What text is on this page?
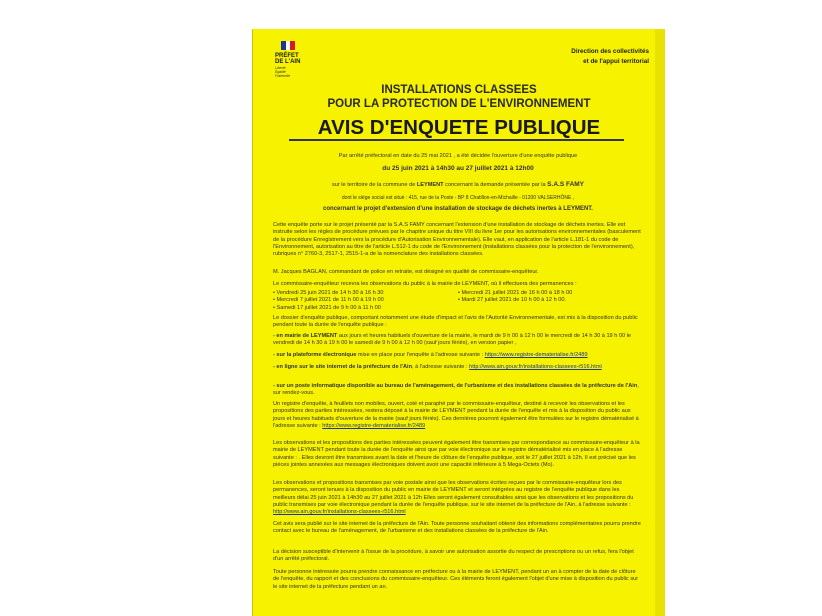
PRÉFET
DE L'AIN
Liberté
Égalité
Fraternité
Direction des collectivités
et de l'appui territorial
INSTALLATIONS CLASSEES
POUR LA PROTECTION DE L'ENVIRONNEMENT
AVIS D'ENQUETE PUBLIQUE
Par arrêté préfectoral en date du 25 mai 2021 , a été décidée l'ouverture d'une enquête publique
du 25 juin 2021 à 14h30 au 27 juillet 2021 à 12h00
sur le territoire de la commune de LEYMENT concernant la demande présentée par la S.A.S FAMY
dont le siège social est situé : 415, rue de la Poste - BP 8 Chatillon-en-Michaille - 01200 VALSERHÔNE ,
concernant le projet d'extension d'une installation de stockage de déchets inertes à LEYMENT.
Cette enquête porte sur le projet présenté par la S.A.S FAMY concernant l'extension d'une installation de stockage de déchets inertes. Elle est instruite selon les règles de procédure prévues par le chapitre unique du titre VIII du livre 1er pour les autorisations environnementales (basculement de la procédure Enregistrement vers la procédure d'Autorisation Environnementale). Elle vaut, en application de l'article L.181-1 du code de l'Environnement, autorisation au titre de l'article L.512-1 du code de l'Environnement (installations classées pour la protection de l'environnement), rubriques n° 2760-3, 2517-1, 2515-1-a de la nomenclature des installations classées.
M. Jacques BAGLAN, commandant de police en retraite, est désigné en qualité de commissaire-enquêteur.
Le commissaire-enquêteur recevra les observations du public à la mairie de LEYMENT, où il effectuera des permanences :
• Vendredi 25 juin 2021 de 14 h 30 à 16 h 30
• Mercredi 7 juillet 2021 de 11 h 00 à 19 h 00
• Samedi 17 juillet 2021 de 9 h 00 à 11 h 00
• Mercredi 21 juillet 2021 de 16 h 00 à 18 h 00
• Mardi 27 juillet 2021 de 10 h 00 à 12 h 00.
Le dossier d'enquête publique, comportant notamment une étude d'impact et l'avis de l'Autorité Environnementale, est mis à la disposition du public pendant toute la durée de l'enquête publique :
- en mairie de LEYMENT aux jours et heures habituels d'ouverture de la mairie, le mardi de 9 h 00 à 12 h 00 le mercredi de 14 h 30 à 19 h 00 le vendredi de 14 h 30 à 19 h 00 le samedi de 9 h 00 à 12 h 00 (sauf jours fériés), en version papier ,
- sur la plateforme électronique mise en place pour l'enquête à l'adresse suivante : https://www.registre-dematerialise.fr/2489
- en ligne sur le site internet de la préfecture de l'Ain, à l'adresse suivante : http://www.ain.gouv.fr/installations-classees-r516.html
- sur un poste informatique disponible au bureau de l'aménagement, de l'urbanisme et des installations classées de la préfecture de l'Ain, sur rendez-vous.
Un registre d'enquête, à feuillets non mobiles, ouvert, coté et paraphé par le commissaire-enquêteur, destiné à recevoir les observations et les propositions des parties intéressées, restera déposé à la mairie de LEYMENT pendant la durée de l'enquête et mis à la disposition du public aux jours et heures habituels d'ouverture de la mairie (sauf jours fériés). Ces dernières pourront également être formulées sur le registre dématérialisé à l'adresse suivante : https://www.registre-dematerialise.fr/2489
Les observations et les propositions des parties intéressées peuvent également être transmises par correspondance au commissaire-enquêteur à la mairie de LEYMENT pendant toute la durée de l'enquête ainsi que par voie électronique sur le registre dématérialisé mis en place à l'adresse suivante : . Elles devront être transmises avant la date et l'heure de clôture de l'enquête publique, soit le 27 juillet 2021 à 12h. Il est précisé que les pièces jointes annexées aux messages électroniques doivent avoir une capacité inférieure à 5 Mega-Octets (Mo).
Les observations et propositions transmises par voie postale ainsi que les observations écrites reçues par le commissaire-enquêteur lors des permanences, seront tenues à la disposition du public en mairie de LEYMENT et seront intégrées au registre de l'enquête publique dans les meilleurs délai 25 juin 2021 à 14h30 au 27 juillet 2021 à 12h Elles seront également consultables ainsi que les observations et les propositions du public transmises par voie électronique pendant la durée de l'enquête publique, sur le site internet de la préfecture de l'Ain, à l'adresse suivante : http://www.ain.gouv.fr/installations-classees-r516.html
Cet avis sera publié sur le site internet de la préfecture de l'Ain. Toute personne souhaitant obtenir des informations complémentaires pourra prendre contact avec le bureau de l'aménagement, de l'urbanisme et des installations classées de la préfecture de l'Ain.
La décision susceptible d'intervenir à l'issue de la procédure, à savoir une autorisation assortie du respect de prescriptions ou un refus, fera l'objet d'un arrêté préfectoral.
Toute personne intéressée pourra prendre connaissance en préfecture ou à la mairie de LEYMENT, pendant un an à compter de la date de clôture de l'enquête, du rapport et des conclusions du commissaire-enquêteur. Ces éléments feront également l'objet d'une mise à disposition du public sur le site internet de la préfecture pendant un an.
